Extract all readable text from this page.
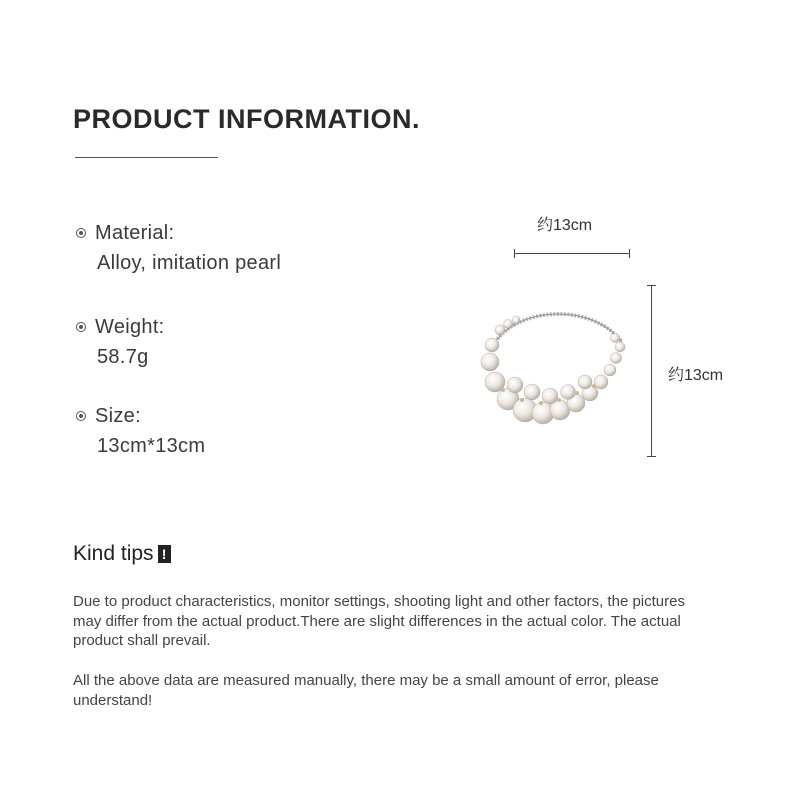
PRODUCT INFORMATION.
Material:
Alloy, imitation pearl
Weight:
58.7g
Size:
13cm*13cm
约13cm
约13cm
Kind tips !

Due to product characteristics, monitor settings, shooting light and other factors, the pictures may differ from the actual product.There are slight differences in the actual color. The actual product shall prevail.

All the above data are measured manually, there may be a small amount of error, please understand!
